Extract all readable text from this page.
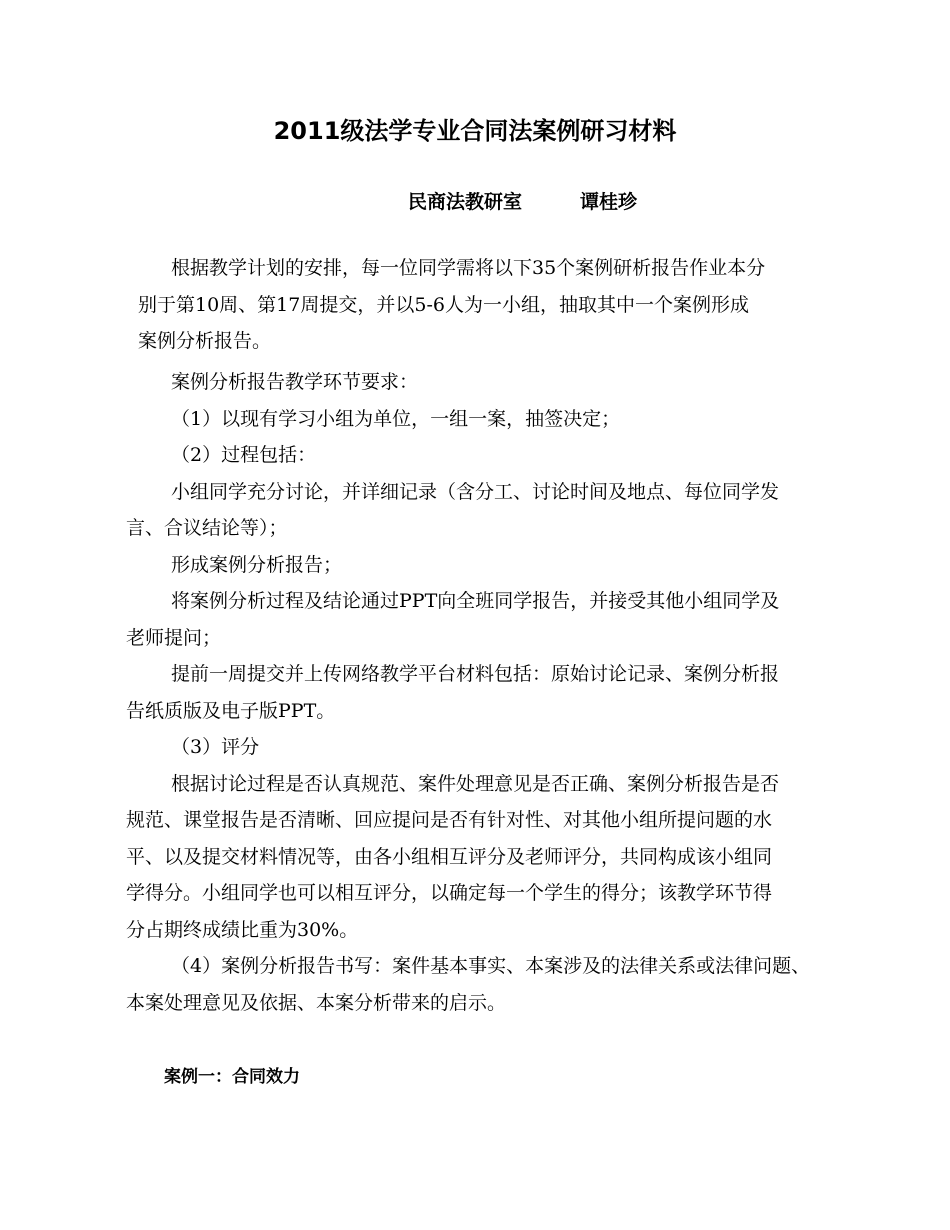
2011级法学专业合同法案例研习材料
民商法教研室	谭桂珍
根据教学计划的安排，每一位同学需将以下35个案例研析报告作业本分
别于第10周、第17周提交，并以5-6人为一小组，抽取其中一个案例形成
案例分析报告。

案例分析报告教学环节要求：

（1）以现有学习小组为单位，一组一案，抽签决定；

（2）过程包括：

小组同学充分讨论，并详细记录（含分工、讨论时间及地点、每位同学发
言、合议结论等）；

形成案例分析报告；

将案例分析过程及结论通过PPT向全班同学报告，并接受其他小组同学及
老师提问；
提前一周提交并上传网络教学平台材料包括：原始讨论记录、案例分析报
告纸质版及电子版PPT。

（3）评分

根据讨论过程是否认真规范、案件处理意见是否正确、案例分析报告是否
规范、课堂报告是否清晰、回应提问是否有针对性、对其他小组所提问题的水
平、以及提交材料情况等，由各小组相互评分及老师评分，共同构成该小组同
学得分。小组同学也可以相互评分，以确定每一个学生的得分；该教学环节得
分占期终成绩比重为30%。
（4）案例分析报告书写：案件基本事实、本案涉及的法律关系或法律问题、
本案处理意见及依据、本案分析带来的启示。
案例一：合同效力
